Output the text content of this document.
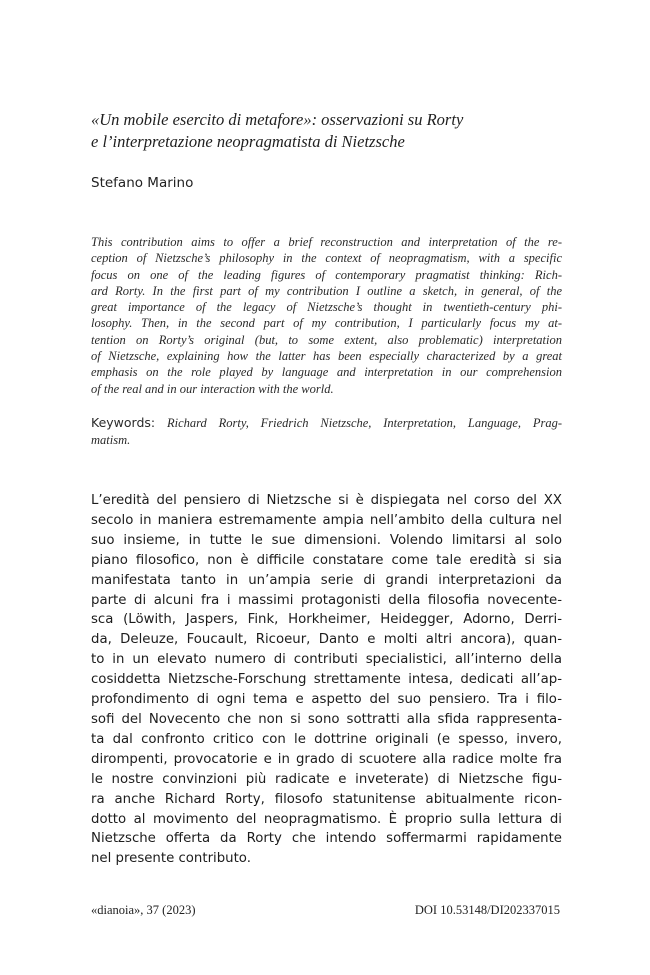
«Un mobile esercito di metafore»: osservazioni su Rorty
e l’interpretazione neopragmatista di Nietzsche
Stefano Marino
This contribution aims to offer a brief reconstruction and interpretation of the re-
ception of Nietzsche’s philosophy in the context of neopragmatism, with a specific
focus on one of the leading figures of contemporary pragmatist thinking: Rich-
ard Rorty. In the first part of my contribution I outline a sketch, in general, of the
great importance of the legacy of Nietzsche’s thought in twentieth-century phi-
losophy. Then, in the second part of my contribution, I particularly focus my at-
tention on Rorty’s original (but, to some extent, also problematic) interpretation
of Nietzsche, explaining how the latter has been especially characterized by a great
emphasis on the role played by language and interpretation in our comprehension
of the real and in our interaction with the world.
Keywords: Richard Rorty, Friedrich Nietzsche, Interpretation, Language, Prag-
matism.
L’eredità del pensiero di Nietzsche si è dispiegata nel corso del XX
secolo in maniera estremamente ampia nell’ambito della cultura nel
suo insieme, in tutte le sue dimensioni. Volendo limitarsi al solo
piano filosofico, non è difficile constatare come tale eredità si sia
manifestata tanto in un’ampia serie di grandi interpretazioni da
parte di alcuni fra i massimi protagonisti della filosofia novecente-
sca (Löwith, Jaspers, Fink, Horkheimer, Heidegger, Adorno, Derri-
da, Deleuze, Foucault, Ricoeur, Danto e molti altri ancora), quan-
to in un elevato numero di contributi specialistici, all’interno della
cosiddetta Nietzsche-Forschung strettamente intesa, dedicati all’ap-
profondimento di ogni tema e aspetto del suo pensiero. Tra i filo-
sofi del Novecento che non si sono sottratti alla sfida rappresenta-
ta dal confronto critico con le dottrine originali (e spesso, invero,
dirompenti, provocatorie e in grado di scuotere alla radice molte fra
le nostre convinzioni più radicate e inveterate) di Nietzsche figu-
ra anche Richard Rorty, filosofo statunitense abitualmente ricon-
dotto al movimento del neopragmatismo. È proprio sulla lettura di
Nietzsche offerta da Rorty che intendo soffermarmi rapidamente
nel presente contributo.
«dianoia», 37 (2023)	DOI 10.53148/DI202337015
